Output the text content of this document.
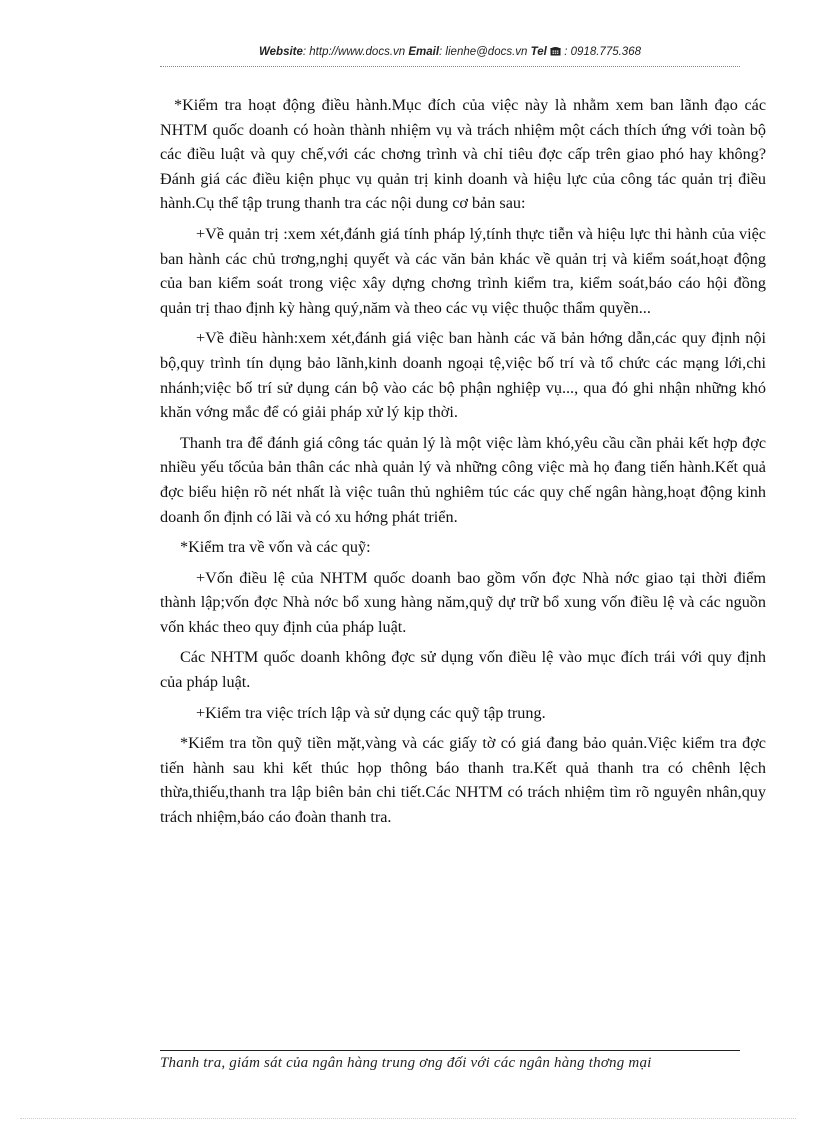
Website: http://www.docs.vn Email: lienhe@docs.vn Tel : 0918.775.368

*Kiểm tra hoạt động điều hành.Mục đích của việc này là nhằm xem ban lãnh đạo các NHTM quốc doanh có hoàn thành nhiệm vụ và trách nhiệm một cách thích ứng với toàn bộ các điều luật và quy chế,với các chơng trình và chỉ tiêu đợc cấp trên giao phó hay không? Đánh giá các điều kiện phục vụ quản trị kinh doanh và hiệu lực của công tác quản trị điều hành.Cụ thể tập trung thanh tra các nội dung cơ bản sau:

+Về quản trị :xem xét,đánh giá tính pháp lý,tính thực tiễn và hiệu lực thi hành của việc ban hành các chủ trơng,nghị quyết và các văn bản khác về quản trị và kiểm soát,hoạt động của ban kiểm soát trong việc xây dựng chơng trình kiểm tra, kiểm soát,báo cáo hội đồng quản trị thao định kỳ hàng quý,năm và theo các vụ việc thuộc thẩm quyền...

+Về điều hành:xem xét,đánh giá việc ban hành các vă bản hớng dẫn,các quy định nội bộ,quy trình tín dụng bảo lãnh,kinh doanh ngoại tệ,việc bố trí và tổ chức các mạng lới,chi nhánh;việc bố trí sử dụng cán bộ vào các bộ phận nghiệp vụ..., qua đó ghi nhận những khó khăn vớng mắc để có giải pháp xử lý kịp thời.

Thanh tra để đánh giá công tác quản lý là một việc làm khó,yêu cầu cần phải kết hợp đợc nhiều yếu tốcủa bản thân các nhà quản lý và những công việc mà họ đang tiến hành.Kết quả đợc biểu hiện rõ nét nhất là việc tuân thủ nghiêm túc các quy chế ngân hàng,hoạt động kinh doanh ổn định có lãi và có xu hớng phát triển.

*Kiểm tra về vốn và các quỹ:

+Vốn điều lệ của NHTM quốc doanh bao gồm vốn đợc Nhà nớc giao tại thời điểm thành lập;vốn đợc Nhà nớc bổ xung hàng năm,quỹ dự trữ bổ xung vốn điều lệ và các nguồn vốn khác theo quy định của pháp luật.

Các NHTM quốc doanh không đợc sử dụng vốn điều lệ vào mục đích trái với quy định của pháp luật.

+Kiểm tra việc trích lập và sử dụng các quỹ tập trung.

*Kiểm tra tồn quỹ tiền mặt,vàng và các giấy tờ có giá đang bảo quản.Việc kiểm tra đợc tiến hành sau khi kết thúc họp thông báo thanh tra.Kết quả thanh tra có chênh lệch thừa,thiếu,thanh tra lập biên bản chi tiết.Các NHTM có trách nhiệm tìm rõ nguyên nhân,quy trách nhiệm,báo cáo đoàn thanh tra.

Thanh tra, giám sát của ngân hàng trung ơng đối với các ngân hàng thơng mại
